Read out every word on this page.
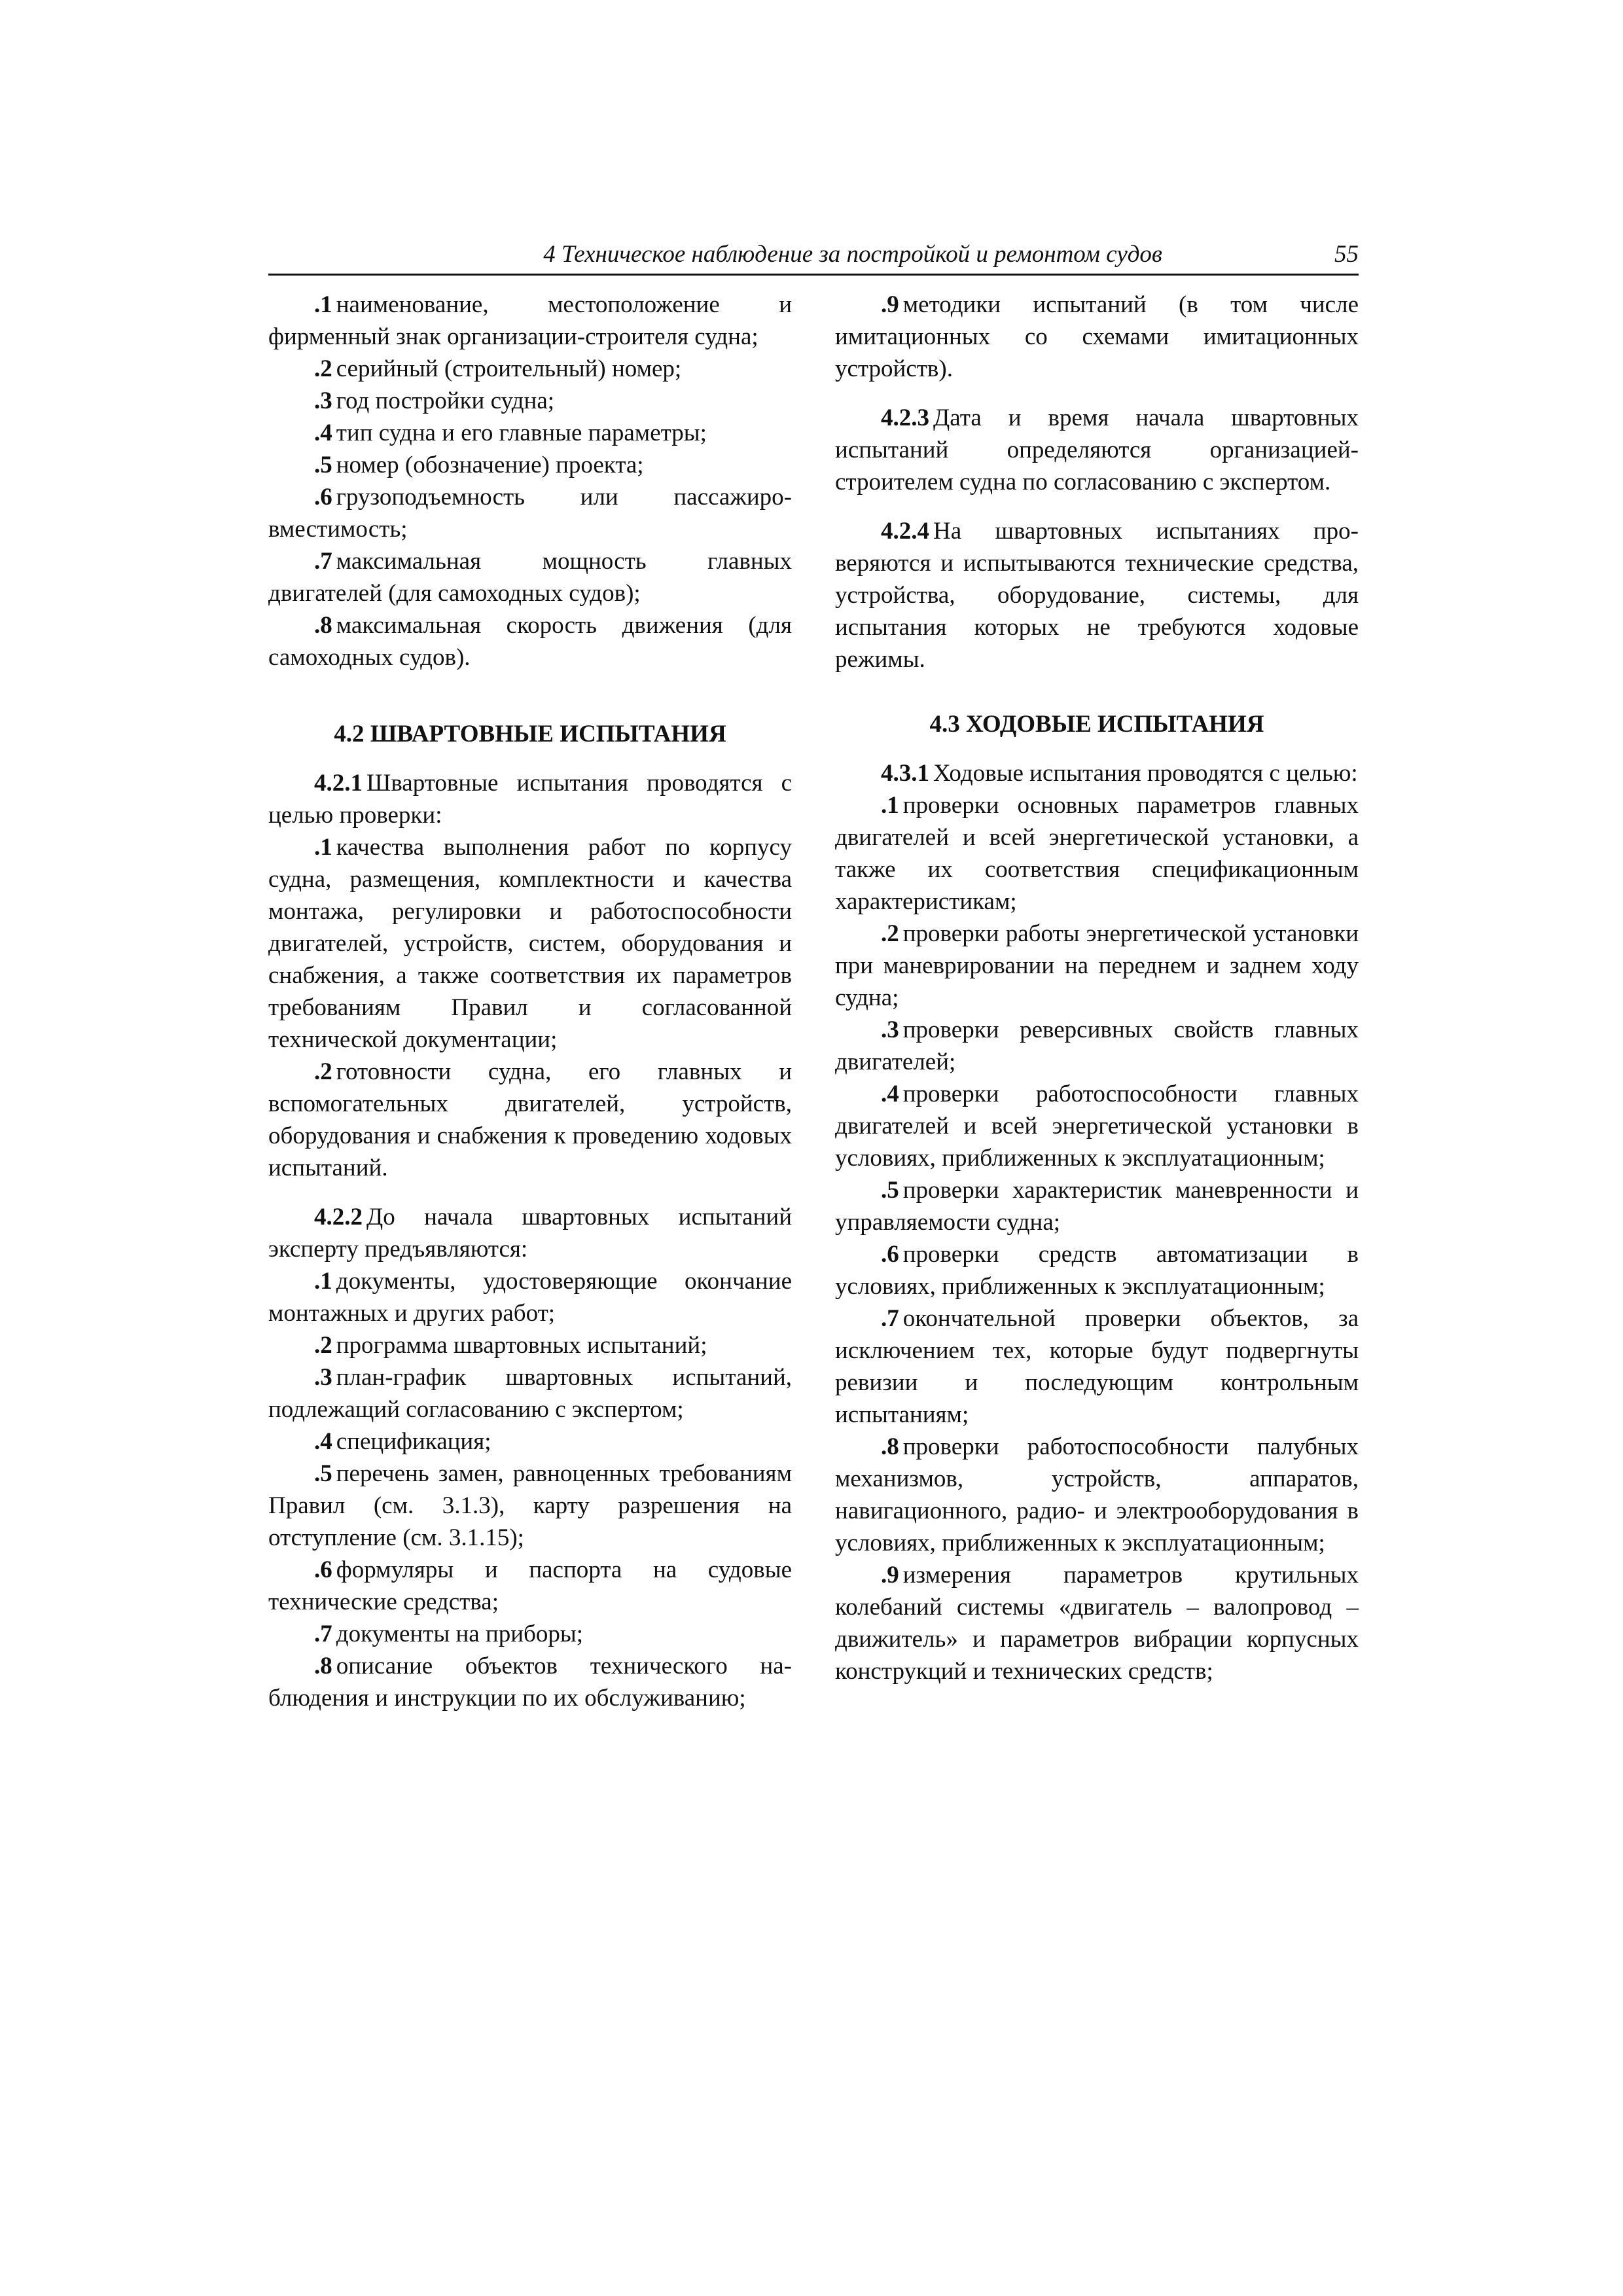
4 Техническое наблюдение за постройкой и ремонтом судов	55

.1 наименование, местоположение и фирменный знак организации-строителя судна;

.2 серийный (строительный) номер;

.3 год постройки судна;

.4 тип судна и его главные параметры;

.5 номер (обозначение) проекта;

.6 грузоподъемность или пассажировместимость;

.7 максимальная мощность главных двигателей (для самоходных судов);

.8 максимальная скорость движения (для самоходных судов).

4.2 ШВАРТОВНЫЕ ИСПЫТАНИЯ

4.2.1 Швартовные испытания проводятся с целью проверки:

.1 качества выполнения работ по корпусу судна, размещения, комплектности и качества монтажа, регулировки и работоспособности двигателей, устройств, систем, оборудования и снабжения, а также соответствия их параметров требованиям Правил и согласованной технической документации;

.2 готовности судна, его главных и вспомогательных двигателей, устройств, оборудования и снабжения к проведению ходовых испытаний.

4.2.2 До начала швартовных испытаний эксперту предъявляются:

.1 документы, удостоверяющие окончание монтажных и других работ;

.2 программа швартовных испытаний;

.3 план-график швартовных испытаний, подлежащий согласованию с экспертом;

.4 спецификация;

.5 перечень замен, равноценных требованиям Правил (см. 3.1.3), карту разрешения на отступление (см. 3.1.15);

.6 формуляры и паспорта на судовые технические средства;

.7 документы на приборы;

.8 описание объектов технического наблюдения и инструкции по их обслуживанию;

.9 методики испытаний (в том числе имитационных со схемами имитационных устройств).

4.2.3 Дата и время начала швартовных испытаний определяются организацией-строителем судна по согласованию с экспертом.

4.2.4 На швартовных испытаниях проверяются и испытываются технические средства, устройства, оборудование, системы, для испытания которых не требуются ходовые режимы.

4.3 ХОДОВЫЕ ИСПЫТАНИЯ

4.3.1 Ходовые испытания проводятся с целью:

.1 проверки основных параметров главных двигателей и всей энергетической установки, а также их соответствия спецификационным характеристикам;

.2 проверки работы энергетической установки при маневрировании на переднем и заднем ходу судна;

.3 проверки реверсивных свойств главных двигателей;

.4 проверки работоспособности главных двигателей и всей энергетической установки в условиях, приближенных к эксплуатационным;

.5 проверки характеристик маневренности и управляемости судна;

.6 проверки средств автоматизации в условиях, приближенных к эксплуатационным;

.7 окончательной проверки объектов, за исключением тех, которые будут подвергнуты ревизии и последующим контрольным испытаниям;

.8 проверки работоспособности палубных механизмов, устройств, аппаратов, навигационного, радио- и электрооборудования в условиях, приближенных к эксплуатационным;

.9 измерения параметров крутильных колебаний системы «двигатель – валопровод – движитель» и параметров вибрации корпусных конструкций и технических средств;
